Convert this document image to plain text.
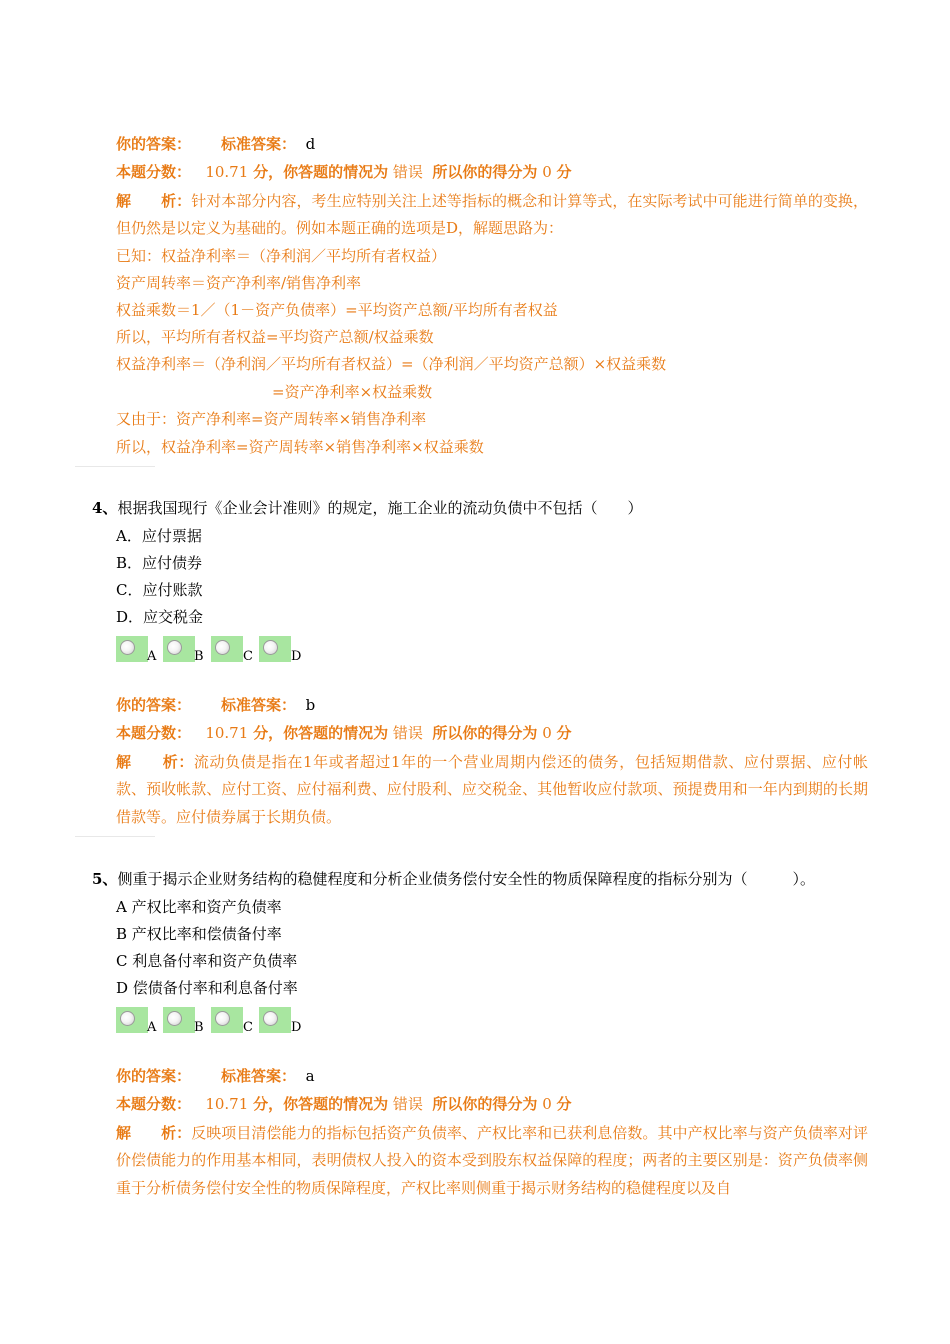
你的答案： 标准答案： d
本题分数： 10.71 分，你答题的情况为 错误 所以你的得分为 0 分
解　　析：针对本部分内容，考生应特别关注上述等指标的概念和计算等式，在实际考试中可能进行简单的变换，但仍然是以定义为基础的。例如本题正确的选项是D，解题思路为：
已知：权益净利率＝（净利润／平均所有者权益）
资产周转率＝资产净利率/销售净利率
权益乘数＝1／（1－资产负债率）=平均资产总额/平均所有者权益
所以，平均所有者权益=平均资产总额/权益乘数
权益净利率＝（净利润／平均所有者权益）=（净利润／平均资产总额）×权益乘数
=资产净利率×权益乘数
又由于：资产净利率=资产周转率×销售净利率
所以，权益净利率=资产周转率×销售净利率×权益乘数
4、根据我国现行《企业会计准则》的规定，施工企业的流动负债中不包括（　　）
A．应付票据
B．应付债券
C．应付账款
D．应交税金
A	B	C	D
你的答案： 标准答案： b
本题分数： 10.71 分，你答题的情况为 错误 所以你的得分为 0 分
解　　析：流动负债是指在1年或者超过1年的一个营业周期内偿还的债务，包括短期借款、应付票据、应付帐款、预收帐款、应付工资、应付福利费、应付股利、应交税金、其他暂收应付款项、预提费用和一年内到期的长期借款等。应付债券属于长期负债。
5、侧重于揭示企业财务结构的稳健程度和分析企业债务偿付安全性的物质保障程度的指标分别为（　　　）。
A 产权比率和资产负债率
B 产权比率和偿债备付率
C 利息备付率和资产负债率
D 偿债备付率和利息备付率
A	B	C	D
你的答案： 标准答案： a
本题分数： 10.71 分，你答题的情况为 错误 所以你的得分为 0 分
解　　析：反映项目清偿能力的指标包括资产负债率、产权比率和已获利息倍数。其中产权比率与资产负债率对评价偿债能力的作用基本相同，表明债权人投入的资本受到股东权益保障的程度；两者的主要区别是：资产负债率侧重于分析债务偿付安全性的物质保障程度，产权比率则侧重于揭示财务结构的稳健程度以及自
